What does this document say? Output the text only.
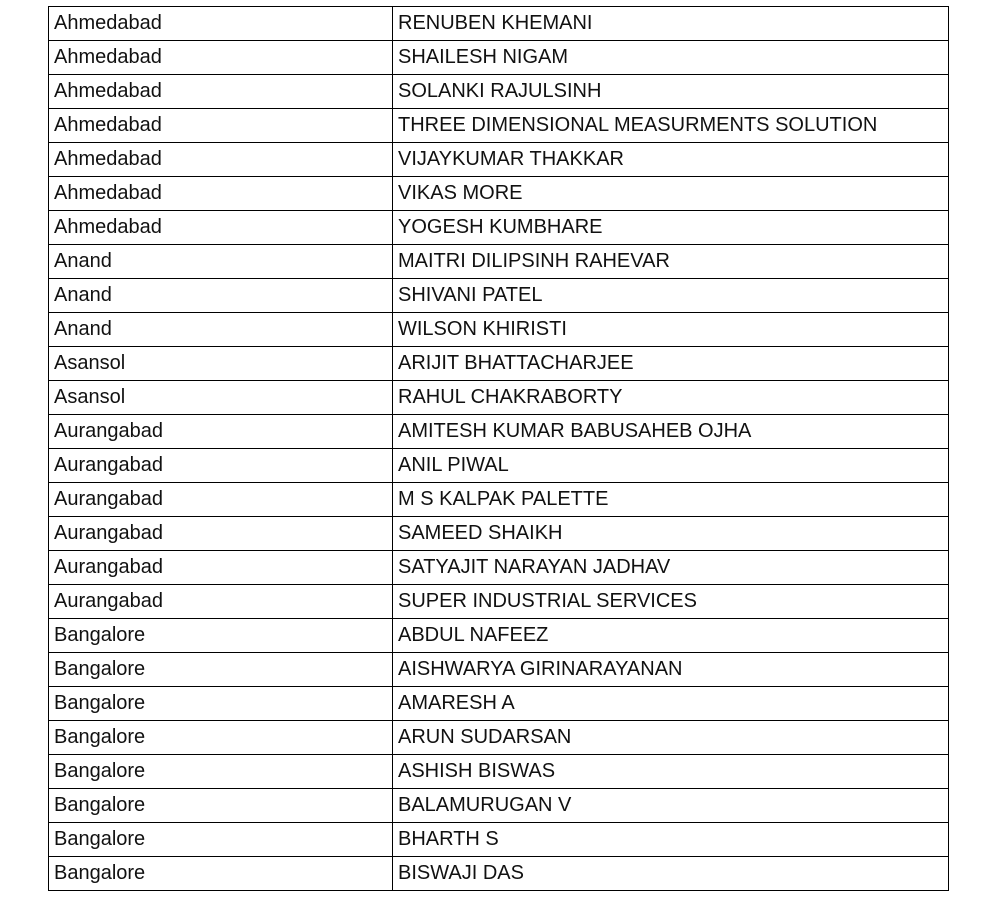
Ahmedabad	RENUBEN KHEMANI
Ahmedabad	SHAILESH NIGAM
Ahmedabad	SOLANKI RAJULSINH
Ahmedabad	THREE DIMENSIONAL MEASURMENTS SOLUTION
Ahmedabad	VIJAYKUMAR THAKKAR
Ahmedabad	VIKAS MORE
Ahmedabad	YOGESH KUMBHARE
Anand	MAITRI DILIPSINH RAHEVAR
Anand	SHIVANI PATEL
Anand	WILSON KHIRISTI
Asansol	ARIJIT BHATTACHARJEE
Asansol	RAHUL CHAKRABORTY
Aurangabad	AMITESH KUMAR BABUSAHEB OJHA
Aurangabad	ANIL PIWAL
Aurangabad	M S KALPAK PALETTE
Aurangabad	SAMEED SHAIKH
Aurangabad	SATYAJIT NARAYAN JADHAV
Aurangabad	SUPER INDUSTRIAL SERVICES
Bangalore	ABDUL NAFEEZ
Bangalore	AISHWARYA GIRINARAYANAN
Bangalore	AMARESH A
Bangalore	ARUN SUDARSAN
Bangalore	ASHISH BISWAS
Bangalore	BALAMURUGAN V
Bangalore	BHARTH S
Bangalore	BISWAJI DAS
